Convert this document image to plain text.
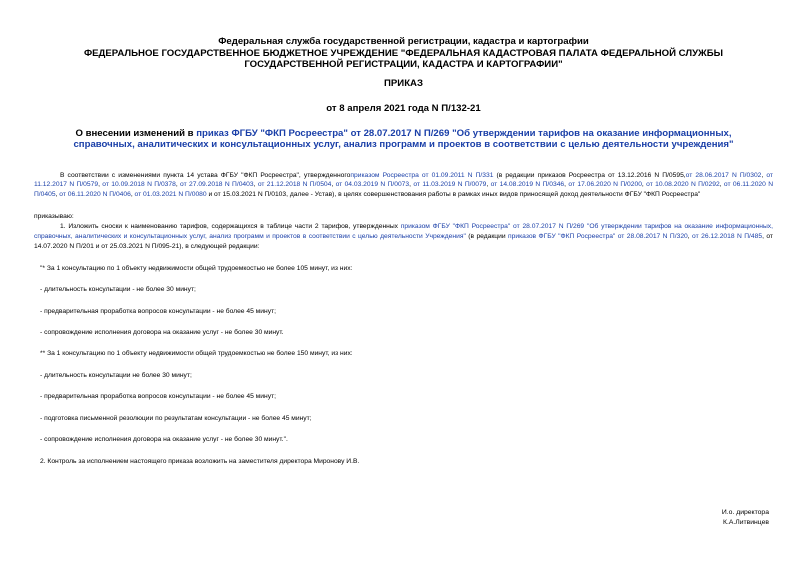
Федеральная служба государственной регистрации, кадастра и картографии
ФЕДЕРАЛЬНОЕ ГОСУДАРСТВЕННОЕ БЮДЖЕТНОЕ УЧРЕЖДЕНИЕ "ФЕДЕРАЛЬНАЯ КАДАСТРОВАЯ ПАЛАТА ФЕДЕРАЛЬНОЙ СЛУЖБЫ ГОСУДАРСТВЕННОЙ РЕГИСТРАЦИИ, КАДАСТРА И КАРТОГРАФИИ"
ПРИКАЗ
от 8 апреля 2021 года N П/132-21
О внесении изменений в приказ ФГБУ "ФКП Росреестра" от 28.07.2017 N П/269 "Об утверждении тарифов на оказание информационных, справочных, аналитических и консультационных услуг, анализ программ и проектов в соответствии с целью деятельности учреждения"

В соответствии с изменениями пункта 14 устава ФГБУ "ФКП Росреестра", утвержденногоприказом Росреестра от 01.09.2011 N П/331 (в редакции приказов Росреестра от 13.12.2016 N П/0595,от 28.06.2017 N П/0302, от 11.12.2017 N П/0579, от 10.09.2018 N П/0378, от 27.09.2018 N П/0403, от 21.12.2018 N П/0504, от 04.03.2019 N П/0073, от 11.03.2019 N П/0079, от 14.08.2019 N П/0346, от 17.06.2020 N П/0200, от 10.08.2020 N П/0292, от 06.11.2020 N П/0405, от 06.11.2020 N П/0406, от 01.03.2021 N П/0080 и от 15.03.2021 N П/0103, далее - Устав), в целях совершенствования работы в рамках иных видов приносящей доход деятельности ФГБУ "ФКП Росреестра"

приказываю:

1. Изложить сноски к наименованию тарифов, содержащихся в таблице части 2 тарифов, утвержденных приказом ФГБУ "ФКП Росреестра" от 28.07.2017 N П/269 "Об утверждении тарифов на оказание информационных, справочных, аналитических и консультационных услуг, анализ программ и проектов в соответствии с целью деятельности Учреждения" (в редакции приказов ФГБУ "ФКП Росреестра" от 28.08.2017 N П/320, от 26.12.2018 N П/485, от 14.07.2020 N П/201 и от 25.03.2021 N П/095-21), в следующей редакции:

"* За 1 консультацию по 1 объекту недвижимости общей трудоемкостью не более 105 минут, из них:

- длительность консультации - не более 30 минут;

- предварительная проработка вопросов консультации - не более 45 минут;

- сопровождение исполнения договора на оказание услуг - не более 30 минут.

** За 1 консультацию по 1 объекту недвижимости общей трудоемкостью не более 150 минут, из них:

- длительность консультации не более 30 минут;

- предварительная проработка вопросов консультации - не более 45 минут;

- подготовка письменной резолюции по результатам консультации - не более 45 минут;

- сопровождение исполнения договора на оказание услуг - не более 30 минут.".

2. Контроль за исполнением настоящего приказа возложить на заместителя директора Миронову И.В.

И.о. директора
К.А.Литвинцев
